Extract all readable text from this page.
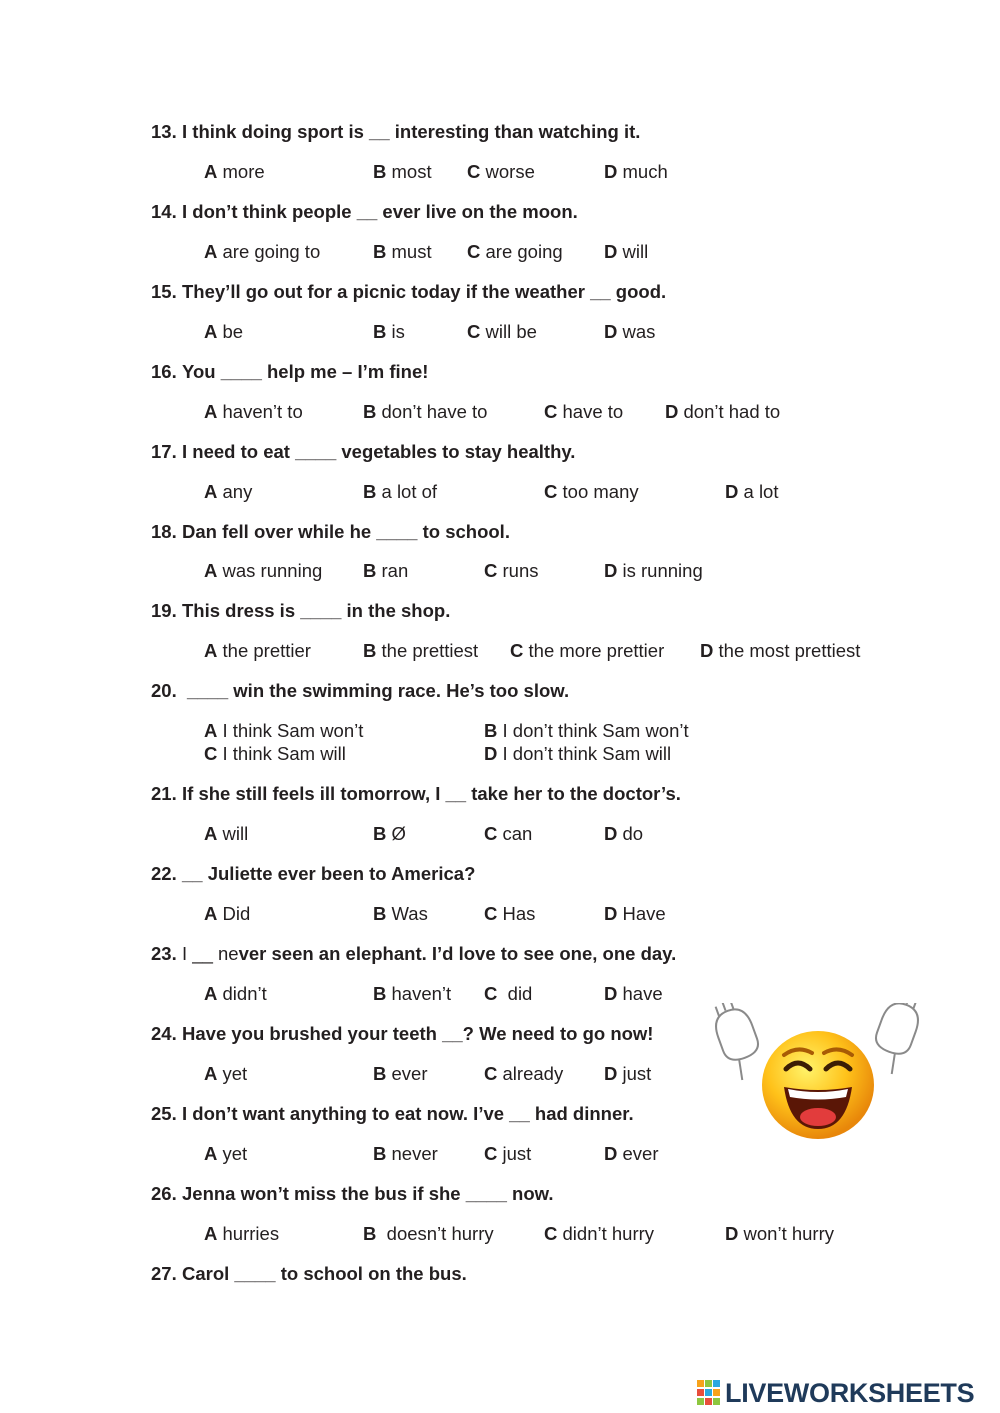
13. I think doing sport is __ interesting than watching it.
A more	B most C worse	D much
14. I don’t think people __ ever live on the moon.
A are going to	B must C are going D will
15. They’ll go out for a picnic today if the weather __ good.
A be	B is	C will be	D was
16. You ____ help me – I’m fine!
A haven’t to	B don’t have to	C have to D don’t had to
17. I need to eat ____ vegetables to stay healthy.
A any	B a lot of	C too many	D a lot
18. Dan fell over while he ____ to school.
A was running B ran	C runs	D is running
19. This dress is ____ in the shop.
A the prettier	B the prettiest C the more prettier D the most prettiest
20. ____ win the swimming race. He’s too slow.
A I think Sam won’t	B I don’t think Sam won’t
C I think Sam will	D I don’t think Sam will
21. If she still feels ill tomorrow, I __ take her to the doctor’s.
A will	B Ø	C can	D do
22. __ Juliette ever been to America?
A Did	B Was	C Has	D Have
23. I __ never seen an elephant. I’d love to see one, one day.
A didn’t	B haven’t C did	D have
24. Have you brushed your teeth __? We need to go now!
A yet	B ever	C already D just
25. I don’t want anything to eat now. I’ve __ had dinner.
A yet	B never C just	D ever
26. Jenna won’t miss the bus if she ____ now.
A hurries	B doesn’t hurry	C didn’t hurry	D won’t hurry
27. Carol ____ to school on the bus.
LIVEWORKSHEETS
